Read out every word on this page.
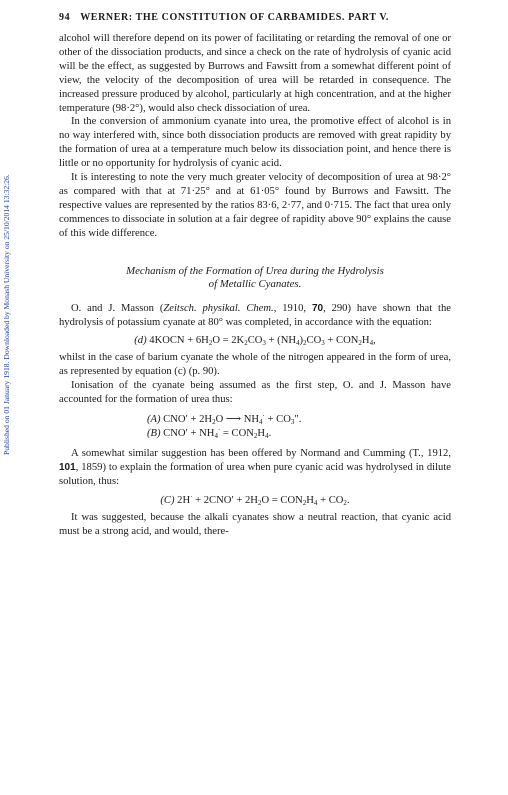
Published on 01 January 1918. Downloaded by Monash University on 25/10/2014 13:32:26.
94 WERNER: THE CONSTITUTION OF CARBAMIDES. PART V.

alcohol will therefore depend on its power of facilitating or retarding the removal of one or other of the dissociation products, and since a check on the rate of hydrolysis of cyanic acid will be the effect, as suggested by Burrows and Fawsitt from a somewhat different point of view, the velocity of the decomposition of urea will be retarded in consequence. The increased pressure produced by alcohol, particularly at high concentration, and at the higher temperature (98·2°), would also check dissociation of urea.

In the conversion of ammonium cyanate into urea, the promotive effect of alcohol is in no way interfered with, since both dissociation products are removed with great rapidity by the formation of urea at a temperature much below its dissociation point, and hence there is little or no opportunity for hydrolysis of cyanic acid.

It is interesting to note the very much greater velocity of decomposition of urea at 98·2° as compared with that at 71·25° and at 61·05° found by Burrows and Fawsitt. The respective values are represented by the ratios 83·6, 2·77, and 0·715. The fact that urea only commences to dissociate in solution at a fair degree of rapidity above 90° explains the cause of this wide difference.

Mechanism of the Formation of Urea during the Hydrolysis
of Metallic Cyanates.

O. and J. Masson (Zeitsch. physikal. Chem., 1910, 70, 290) have shown that the hydrolysis of potassium cyanate at 80° was completed, in accordance with the equation:

(d) 4KOCN + $6H_2O = 2K_2CO_3 + (NH_4)_2CO_3 + CON_2H_4$,

whilst in the case of barium cyanate the whole of the nitrogen appeared in the form of urea, as represented by equation (c) (p. 90).

Ionisation of the cyanate being assumed as the first step, O. and J. Masson have accounted for the formation of urea thus:

(A) $CNO' + 2H_2O$ ⟶ $NH_4^\cdot + CO_3''$.
(B) $CNO' + NH_4^\cdot = CON_2H_4$.

A somewhat similar suggestion has been offered by Normand and Cumming (T., 1912, 101, 1859) to explain the formation of urea when pure cyanic acid was hydrolysed in dilute solution, thus:

(C) $2H^\cdot + 2CNO' + 2H_2O = CON_2H_4 + CO_2$.

It was suggested, because the alkali cyanates show a neutral reaction, that cyanic acid must be a strong acid, and would, there-
